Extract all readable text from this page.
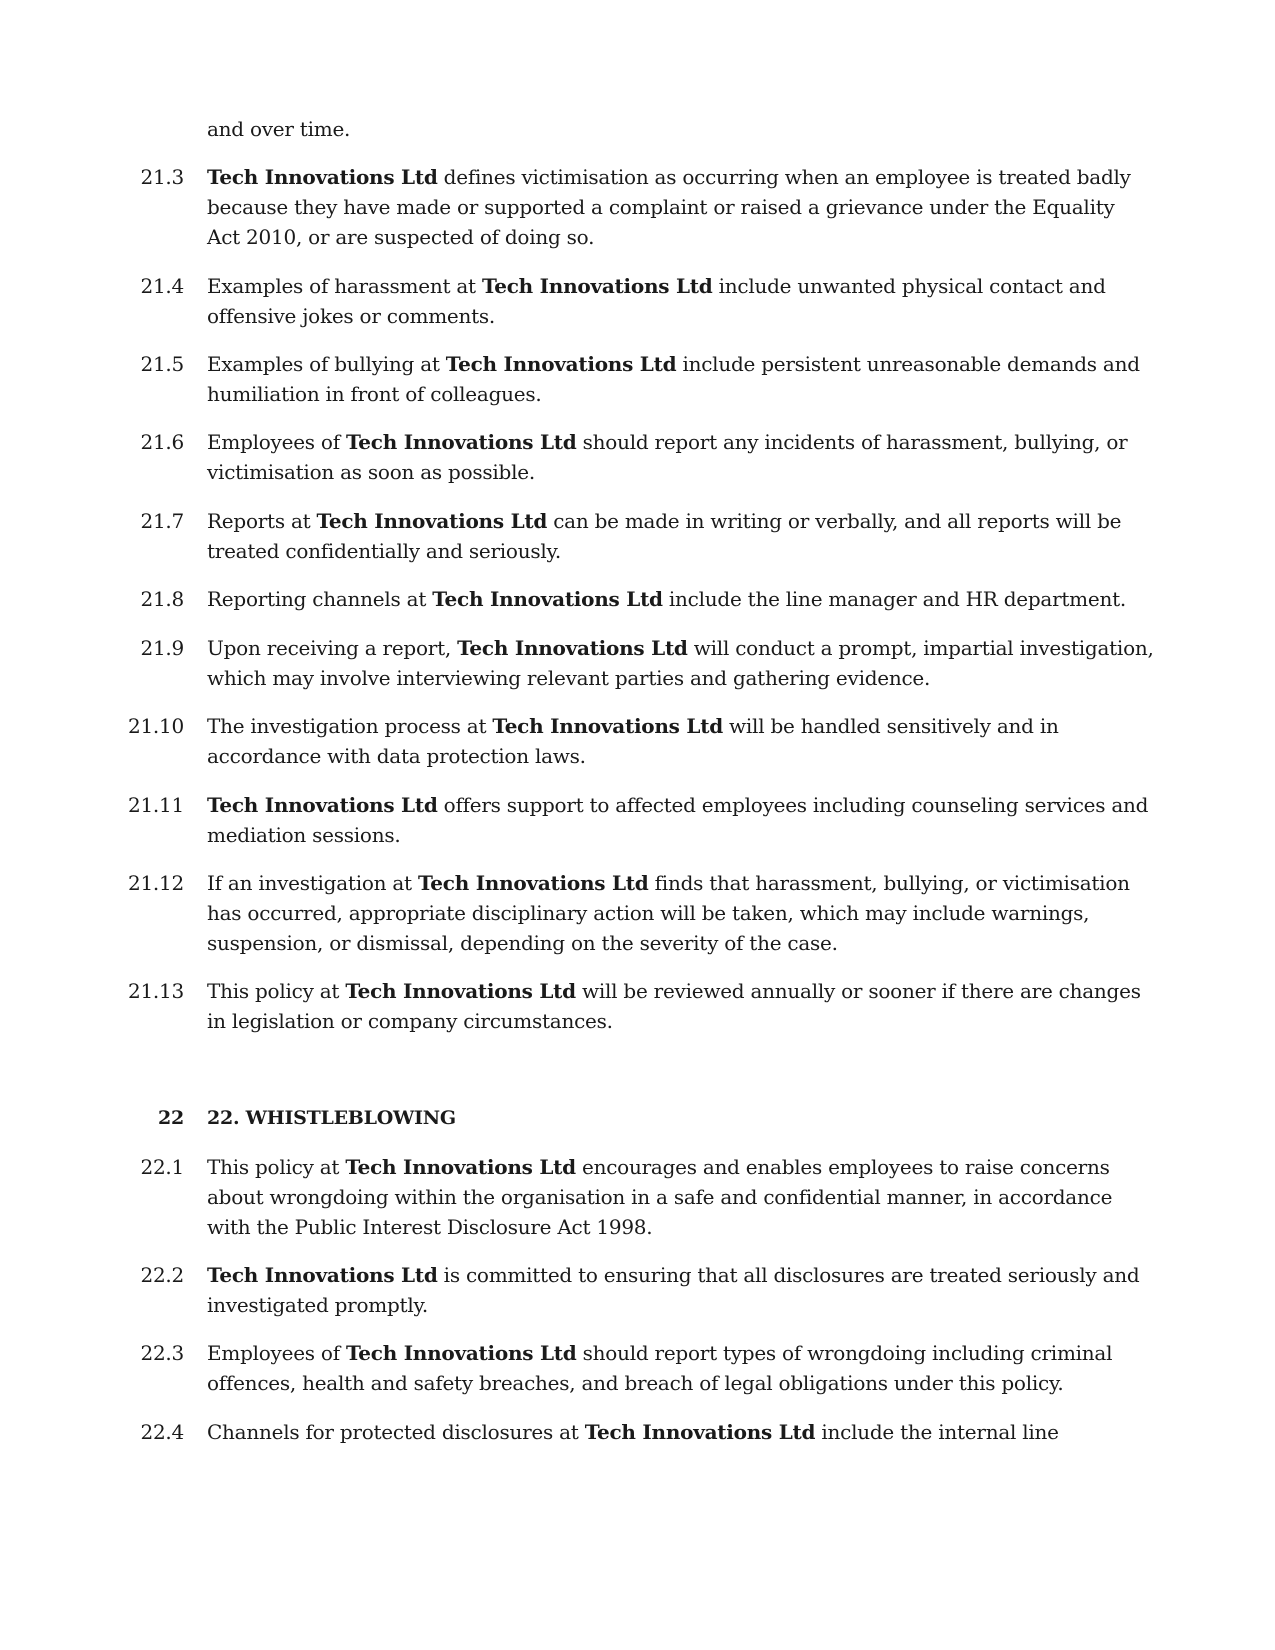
and over time.
21.3 Tech Innovations Ltd defines victimisation as occurring when an employee is treated badly
because they have made or supported a complaint or raised a grievance under the Equality
Act 2010, or are suspected of doing so.
21.4 Examples of harassment at Tech Innovations Ltd include unwanted physical contact and
offensive jokes or comments.
21.5 Examples of bullying at Tech Innovations Ltd include persistent unreasonable demands and
humiliation in front of colleagues.
21.6 Employees of Tech Innovations Ltd should report any incidents of harassment, bullying, or
victimisation as soon as possible.
21.7 Reports at Tech Innovations Ltd can be made in writing or verbally, and all reports will be
treated confidentially and seriously.
21.8 Reporting channels at Tech Innovations Ltd include the line manager and HR department.
21.9 Upon receiving a report, Tech Innovations Ltd will conduct a prompt, impartial investigation,
which may involve interviewing relevant parties and gathering evidence.
21.10 The investigation process at Tech Innovations Ltd will be handled sensitively and in
accordance with data protection laws.
21.11 Tech Innovations Ltd offers support to affected employees including counseling services and
mediation sessions.
21.12 If an investigation at Tech Innovations Ltd finds that harassment, bullying, or victimisation
has occurred, appropriate disciplinary action will be taken, which may include warnings,
suspension, or dismissal, depending on the severity of the case.
21.13 This policy at Tech Innovations Ltd will be reviewed annually or sooner if there are changes
in legislation or company circumstances.
22 22. WHISTLEBLOWING
22.1 This policy at Tech Innovations Ltd encourages and enables employees to raise concerns
about wrongdoing within the organisation in a safe and confidential manner, in accordance
with the Public Interest Disclosure Act 1998.
22.2 Tech Innovations Ltd is committed to ensuring that all disclosures are treated seriously and
investigated promptly.
22.3 Employees of Tech Innovations Ltd should report types of wrongdoing including criminal
offences, health and safety breaches, and breach of legal obligations under this policy.
22.4 Channels for protected disclosures at Tech Innovations Ltd include the internal line
